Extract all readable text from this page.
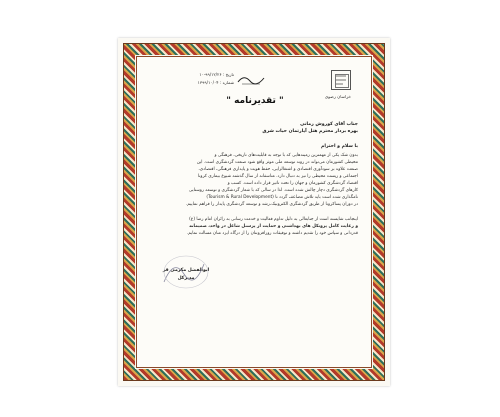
خراسان رضوی
تاریخ : ۹۹/۱۲/۲۶-۱۰
شماره : ۱۳۹۹/۱۰/۰۴
" تقدیرنامه "
جناب آقای کوروش زمانی
بهره بردار محترم هتل آپارتمان حیات شرق
با سلام و احترام
بدون شک یکی از مهمترین زمینه‌هایی که با توجه به قابلیت‌های تاریخی، فرهنگی و
محیطی کشورمان می‌تواند در روند توسعه ملی موثر واقع شود صنعت گردشگری است. این
صنعت علاوه بر سودآوری اقتصادی و اشتغالزایی، حفظ هویت و پایداری فرهنگی، اقتصادی،
اجتماعی و زیست محیطی را نیز به دنبال دارد. متاسفانه از سال گذشته شیوع بیماری کرونا
اقتصاد گردشگری کشورمان و جهان را تحت تاثیر قرار داده است. کسب و
کارهای گردشگری دچار چالش شده است. لذا در سالی که با شعار گردشگری و توسعه روستایی
(Tourism & Rural Development) نامگذاری شده است باید تلاش مضاعف گردد تا
در دوران پساکرونا از طریق گردشگری الکترونیک،رشد و توسعه گردشگری پایدار را فراهم نماییم.
اینجانب شایسته است از جنابعالی به دلیل تداوم فعالیت و خدمت رسانی به زائران امام رضا (ع)
و رعایت کامل پروتکل های بهداشتی و حمایت از پرسنل شاغل در واحد، صمیمانه
قدردانی و سپاس خود را تقدیم داشته و توفیقات روزافزونتان را از درگاه ایزد منان مسالت نمایم.
ابوالفضل مکرمی فر
مدیرکل
